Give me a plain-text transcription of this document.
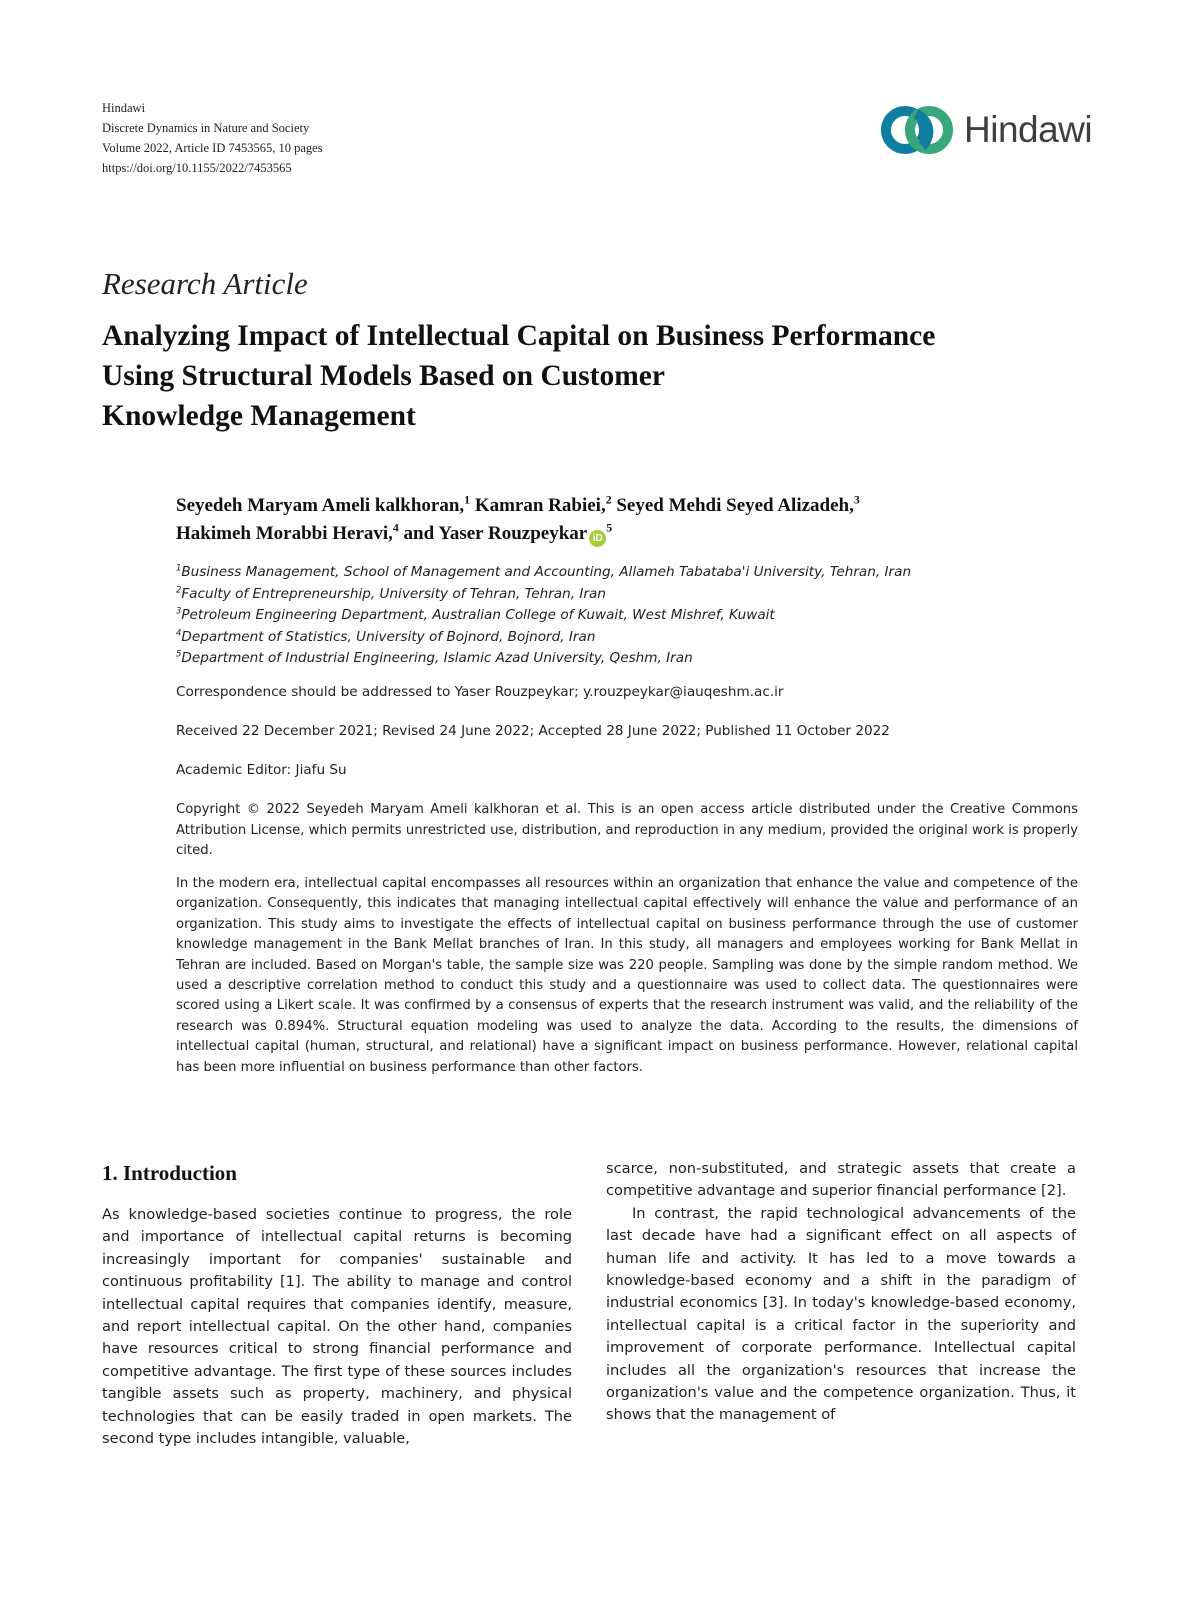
Hindawi
Discrete Dynamics in Nature and Society
Volume 2022, Article ID 7453565, 10 pages
https://doi.org/10.1155/2022/7453565
Hindawi
Research Article
Analyzing Impact of Intellectual Capital on Business Performance
Using Structural Models Based on Customer
Knowledge Management
Seyedeh Maryam Ameli kalkhoran,$^1$ Kamran Rabiei,$^2$ Seyed Mehdi Seyed Alizadeh,$^3$
Hakimeh Morabbi Heravi,$^4$ and Yaser Rouzpeykar $iD^5$
$^1$Business Management, School of Management and Accounting, Allameh Tabataba'i University, Tehran, Iran
$^2$Faculty of Entrepreneurship, University of Tehran, Tehran, Iran
$^3$Petroleum Engineering Department, Australian College of Kuwait, West Mishref, Kuwait
$^4$Department of Statistics, University of Bojnord, Bojnord, Iran
$^5$Department of Industrial Engineering, Islamic Azad University, Qeshm, Iran
Correspondence should be addressed to Yaser Rouzpeykar; y.rouzpeykar@iauqeshm.ac.ir
Received 22 December 2021; Revised 24 June 2022; Accepted 28 June 2022; Published 11 October 2022
Academic Editor: Jiafu Su
Copyright © 2022 Seyedeh Maryam Ameli kalkhoran et al. This is an open access article distributed under the Creative Commons Attribution License, which permits unrestricted use, distribution, and reproduction in any medium, provided the original work is properly cited.

In the modern era, intellectual capital encompasses all resources within an organization that enhance the value and competence of the organization. Consequently, this indicates that managing intellectual capital effectively will enhance the value and performance of an organization. This study aims to investigate the effects of intellectual capital on business performance through the use of customer knowledge management in the Bank Mellat branches of Iran. In this study, all managers and employees working for Bank Mellat in Tehran are included. Based on Morgan's table, the sample size was 220 people. Sampling was done by the simple random method. We used a descriptive correlation method to conduct this study and a questionnaire was used to collect data. The questionnaires were scored using a Likert scale. It was confirmed by a consensus of experts that the research instrument was valid, and the reliability of the research was 0.894%. Structural equation modeling was used to analyze the data. According to the results, the dimensions of intellectual capital (human, structural, and relational) have a significant impact on business performance. However, relational capital has been more influential on business performance than other factors.

1. Introduction

As knowledge-based societies continue to progress, the role and importance of intellectual capital returns is becoming increasingly important for companies' sustainable and continuous profitability [1]. The ability to manage and control intellectual capital requires that companies identify, measure, and report intellectual capital. On the other hand, companies have resources critical to strong financial performance and competitive advantage. The first type of these sources includes tangible assets such as property, machinery, and physical technologies that can be easily traded in open markets. The second type includes intangible, valuable,

scarce, non-substituted, and strategic assets that create a competitive advantage and superior financial performance [2].

In contrast, the rapid technological advancements of the last decade have had a significant effect on all aspects of human life and activity. It has led to a move towards a knowledge-based economy and a shift in the paradigm of industrial economics [3]. In today's knowledge-based economy, intellectual capital is a critical factor in the superiority and improvement of corporate performance. Intellectual capital includes all the organization's resources that increase the organization's value and the competence organization. Thus, it shows that the management of
